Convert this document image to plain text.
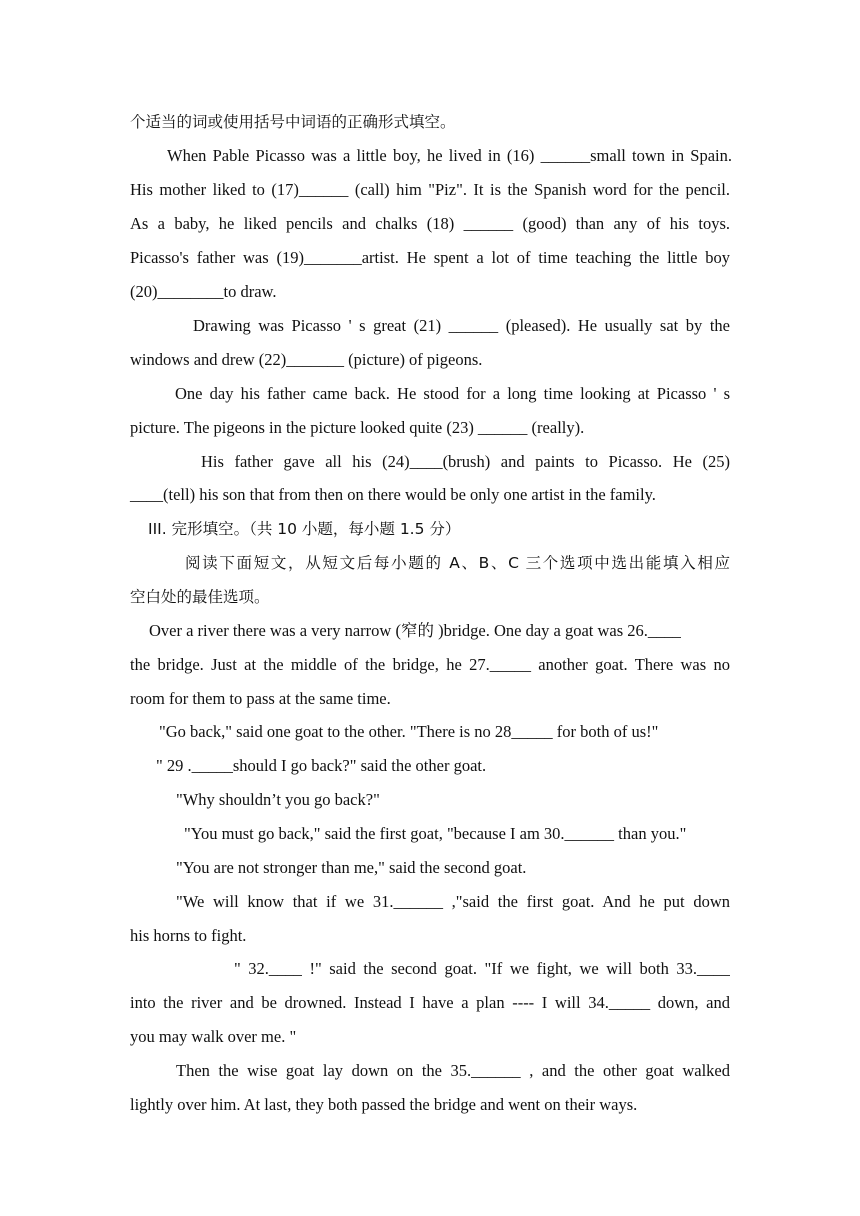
个适当的词或使用括号中词语的正确形式填空。
When Pable Picasso was a little boy, he lived in (16) ______small town in Spain.
His mother liked to (17)______ (call) him "Piz". It is the Spanish word for the pencil.
As a baby, he liked pencils and chalks (18) ______ (good) than any of his toys.
Picasso's father was (19)_______artist. He spent a lot of time teaching the little boy
(20)________to draw.
Drawing was Picasso ' s great (21) ______ (pleased). He usually sat by the
windows and drew (22)_______ (picture) of pigeons.
One day his father came back. He stood for a long time looking at Picasso ' s
picture. The pigeons in the picture looked quite (23) ______ (really).
His father gave all his (24)____(brush) and paints to Picasso. He (25)
____(tell) his son that from then on there would be only one artist in the family.
III. 完形填空。（共 10 小题，每小题 1.5 分）
阅读下面短文，从短文后每小题的 A、B、C 三个选项中选出能填入相应
空白处的最佳选项。
Over a river there was a very narrow (窄的 )bridge. One day a goat was 26.____
the bridge. Just at the middle of the bridge, he 27._____ another goat. There was no
room for them to pass at the same time.
"Go back," said one goat to the other. "There is no 28_____ for both of us!"
" 29 ._____should I go back?" said the other goat.
"Why shouldn’t you go back?"
"You must go back," said the first goat, "because I am 30.______ than you."
"You are not stronger than me," said the second goat.
"We will know that if we 31.______ ,"said the first goat. And he put down
his horns to fight.
" 32.____ !" said the second goat. "If we fight, we will both 33.____
into the river and be drowned. Instead I have a plan ---- I will 34._____ down, and
you may walk over me. "
Then the wise goat lay down on the 35.______ , and the other goat walked
lightly over him. At last, they both passed the bridge and went on their ways.
